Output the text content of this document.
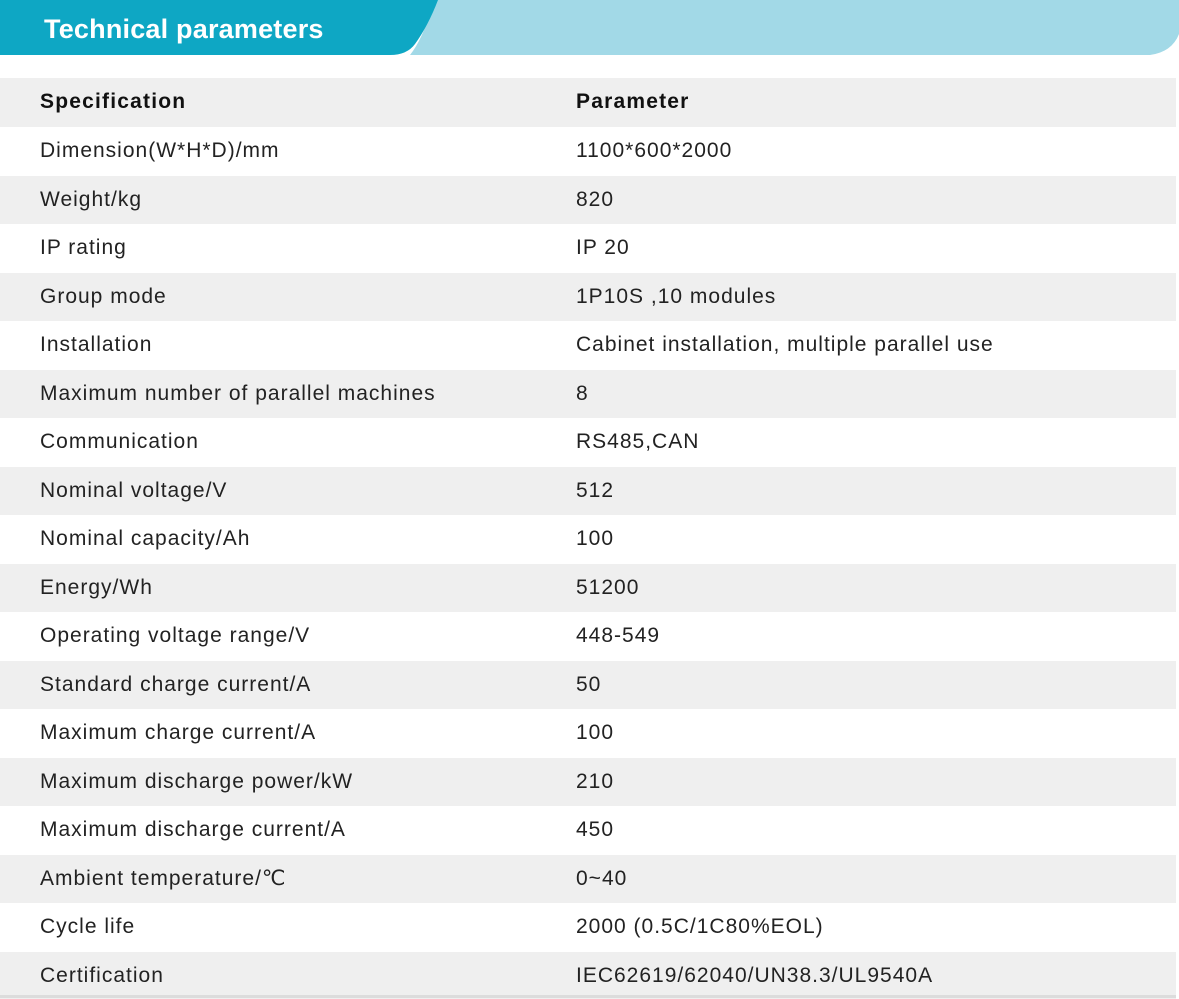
Technical parameters
Specification	Parameter
Dimension(W*H*D)/mm	1100*600*2000
Weight/kg	820
IP rating	IP 20
Group mode	1P10S ,10 modules
Installation	Cabinet installation, multiple parallel use
Maximum number of parallel machines	8
Communication	RS485,CAN
Nominal voltage/V	512
Nominal capacity/Ah	100
Energy/Wh	51200
Operating voltage range/V	448-549
Standard charge current/A	50
Maximum charge current/A	100
Maximum discharge power/kW	210
Maximum discharge current/A	450
Ambient temperature/℃	0~40
Cycle life	2000 (0.5C/1C80%EOL)
Certification	IEC62619/62040/UN38.3/UL9540A
